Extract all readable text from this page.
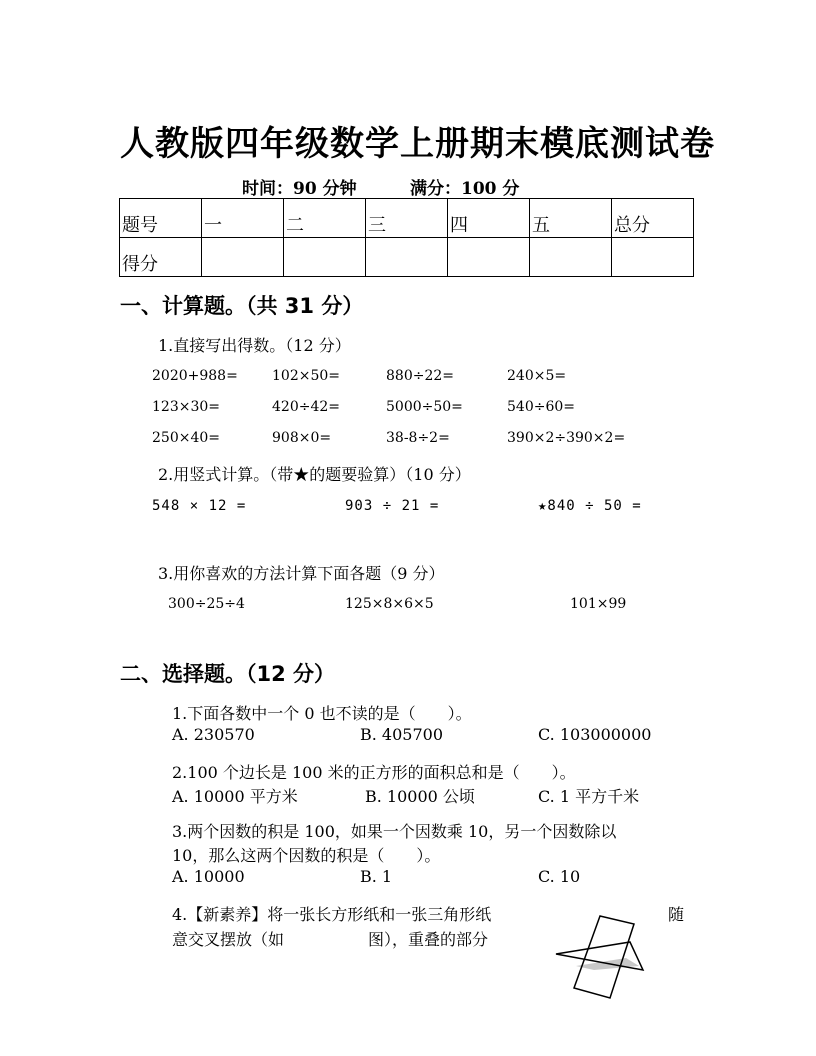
人教版四年级数学上册期末模底测试卷
时间：90 分钟	满分：100 分
题号	一	二	三	四	五	总分
得分						
一、计算题。（共 31 分）
1.直接写出得数。（12 分）
2020+988= 102×50=	880÷22=	240×5=
123×30=	420÷42=	5000÷50=	540÷60=
250×40=	908×0=	38-8÷2=	390×2÷390×2=
2.用竖式计算。（带★的题要验算）（10 分）
548 × 12 =	903 ÷ 21 =	★840 ÷ 50 =
3.用你喜欢的方法计算下面各题（9 分）
300÷25÷4	125×8×6×5	101×99
二、选择题。（12 分）
1.下面各数中一个 0 也不读的是（　　）。
A. 230570	B. 405700	C. 103000000
2.100 个边长是 100 米的正方形的面积总和是（　　）。
A. 10000 平方米	B. 10000 公顷	C. 1 平方千米
3.两个因数的积是 100，如果一个因数乘 10，另一个因数除以
10，那么这两个因数的积是（　　）。
A. 10000	B. 1	C. 10
4.【新素养】将一张长方形纸和一张三角形纸	随
意交叉摆放（如	图），重叠的部分
